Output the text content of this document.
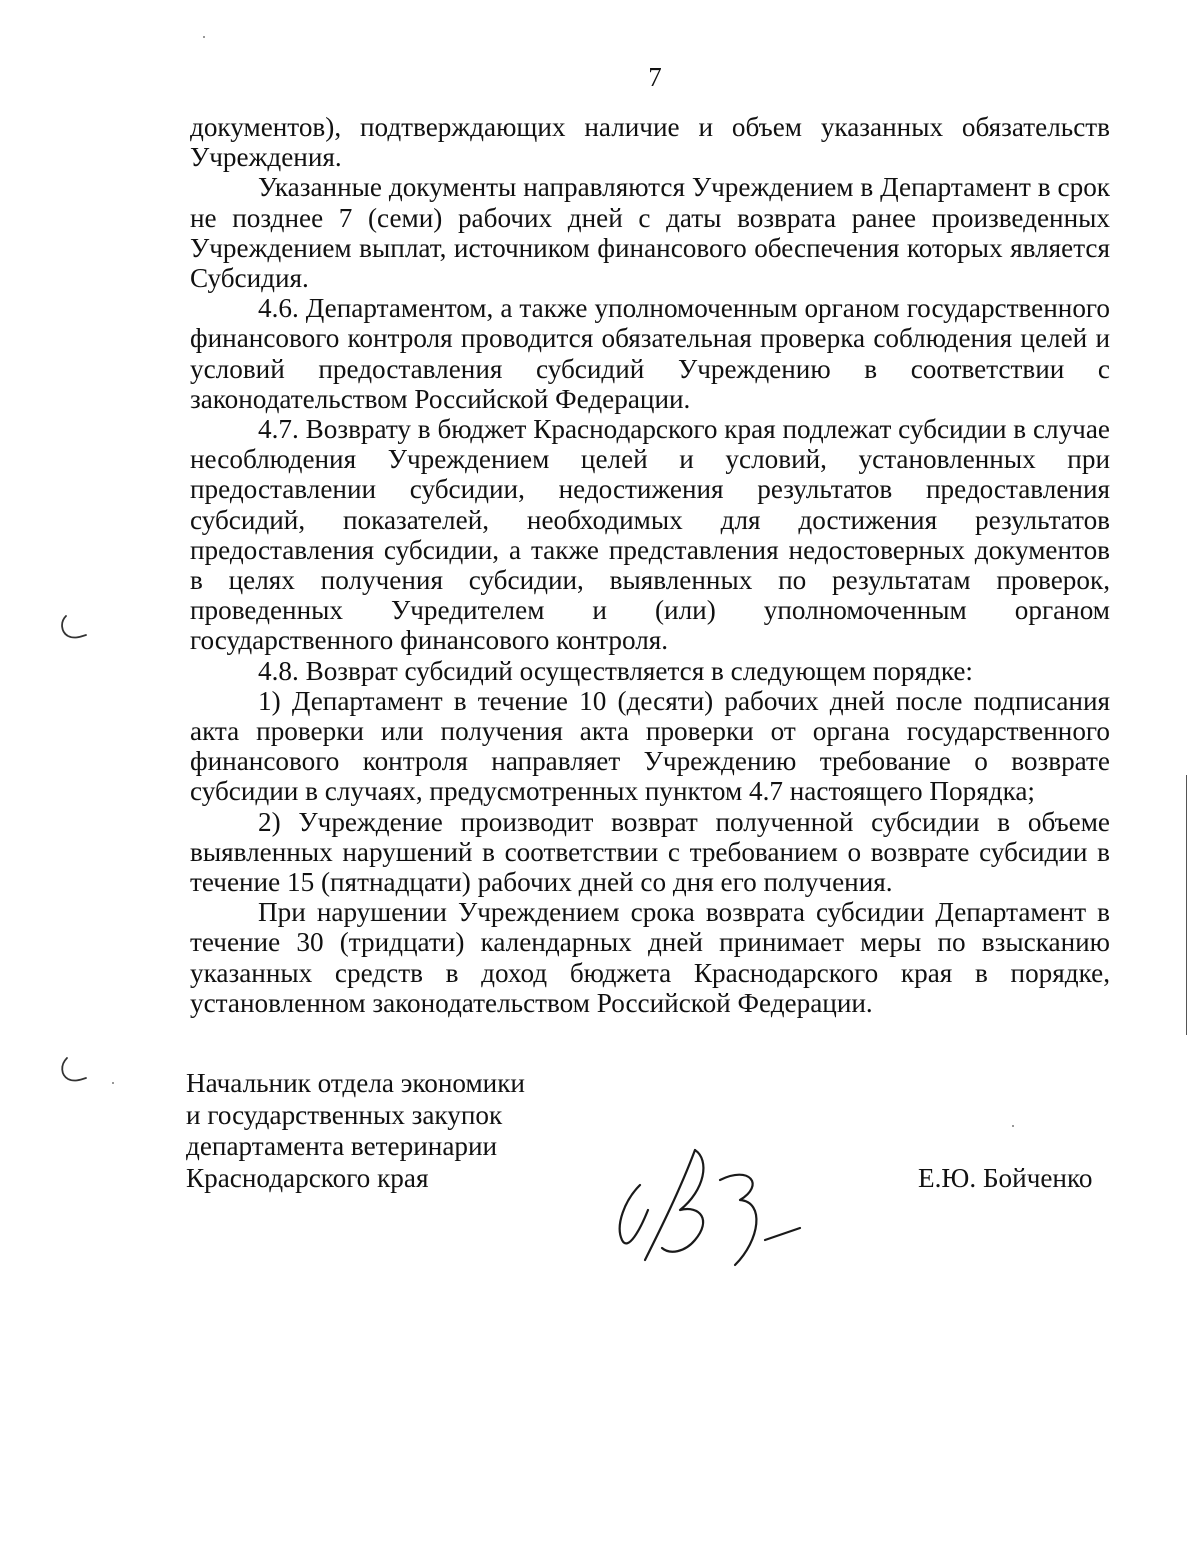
7

документов), подтверждающих наличие и объем указанных обязательств Учреждения.

Указанные документы направляются Учреждением в Департамент в срок не позднее 7 (семи) рабочих дней с даты возврата ранее произведенных Учреждением выплат, источником финансового обеспечения которых является Субсидия.

4.6. Департаментом, а также уполномоченным органом государственного финансового контроля проводится обязательная проверка соблюдения целей и условий предоставления субсидий Учреждению в соответствии с законодательством Российской Федерации.

4.7. Возврату в бюджет Краснодарского края подлежат субсидии в случае несоблюдения Учреждением целей и условий, установленных при предоставлении субсидии, недостижения результатов предоставления субсидий, показателей, необходимых для достижения результатов предоставления субсидии, а также представления недостоверных документов в целях получения субсидии, выявленных по результатам проверок, проведенных Учредителем и (или) уполномоченным органом государственного финансового контроля.

4.8. Возврат субсидий осуществляется в следующем порядке:

1) Департамент в течение 10 (десяти) рабочих дней после подписания акта проверки или получения акта проверки от органа государственного финансового контроля направляет Учреждению требование о возврате субсидии в случаях, предусмотренных пунктом 4.7 настоящего Порядка;

2) Учреждение производит возврат полученной субсидии в объеме выявленных нарушений в соответствии с требованием о возврате субсидии в течение 15 (пятнадцати) рабочих дней со дня его получения.

При нарушении Учреждением срока возврата субсидии Департамент в течение 30 (тридцати) календарных дней принимает меры по взысканию указанных средств в доход бюджета Краснодарского края в порядке, установленном законодательством Российской Федерации.

Начальник отдела экономики
и государственных закупок
департамента ветеринарии
Краснодарского края	Е.Ю. Бойченко
